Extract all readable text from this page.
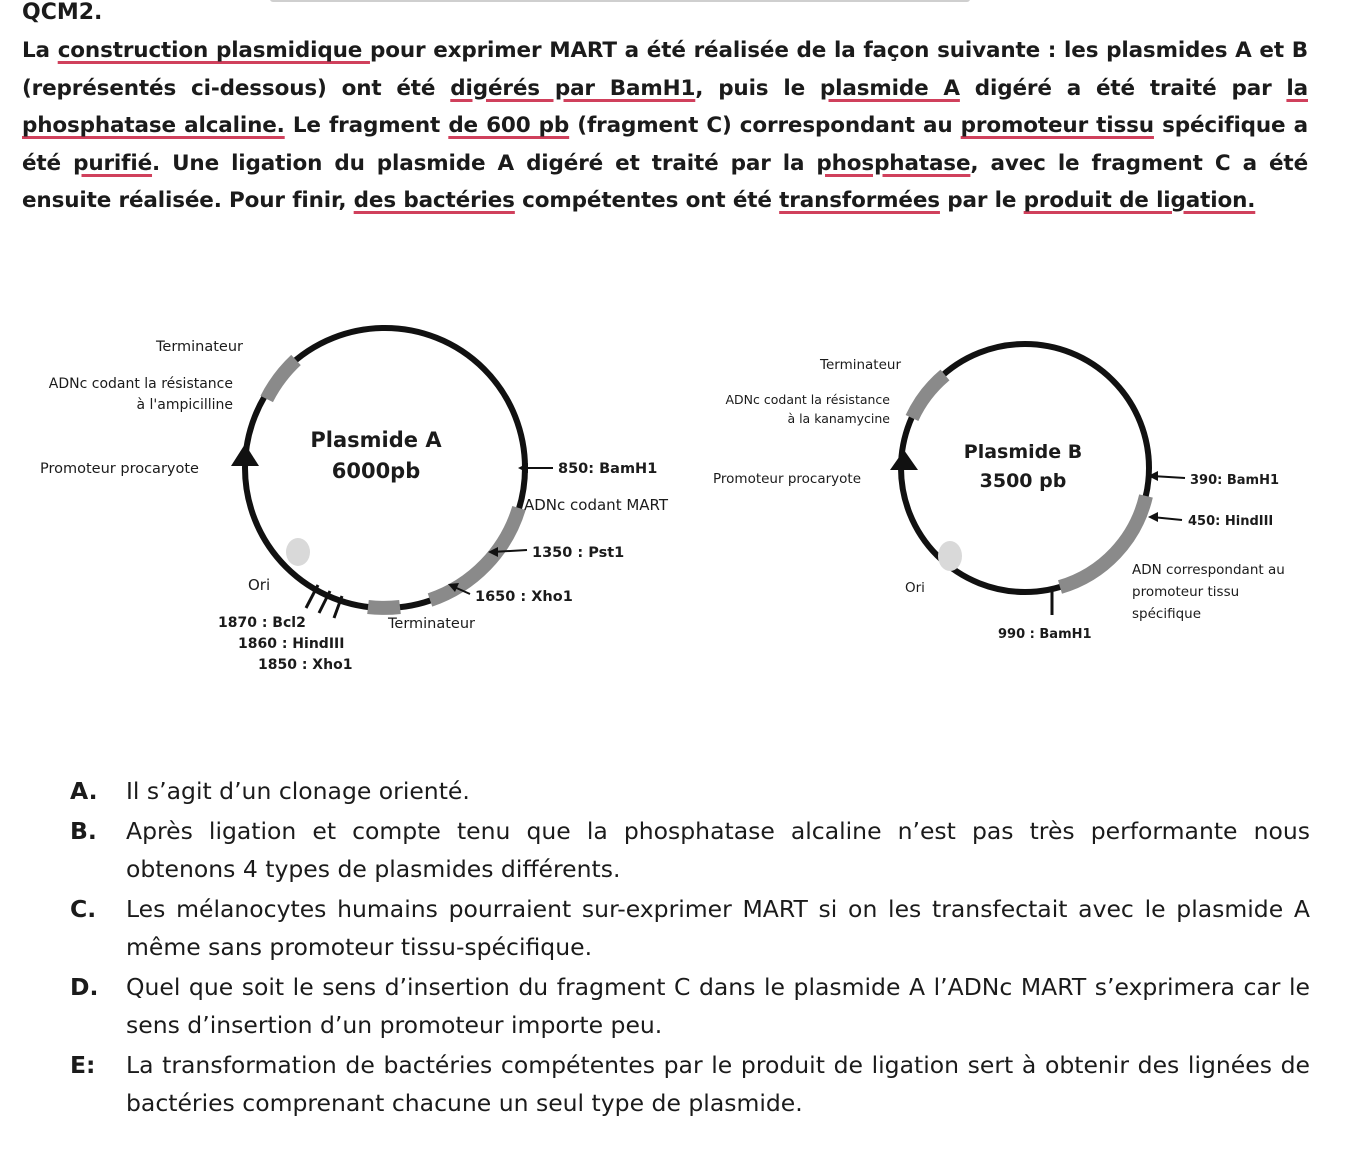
QCM2.
La construction plasmidique pour exprimer MART a été réalisée de la façon suivante : les plasmides A et B (représentés ci-dessous) ont été digérés par BamH1, puis le plasmide A digéré a été traité par la phosphatase alcaline. Le fragment de 600 pb (fragment C) correspondant au promoteur tissu spécifique a été purifié. Une ligation du plasmide A digéré et traité par la phosphatase, avec le fragment C a été ensuite réalisée. Pour finir, des bactéries compétentes ont été transformées par le produit de ligation.
Plasmide A
6000pb
Terminateur
ADNc codant la résistance
à l'ampicilline
Promoteur procaryote	850: BamH1
ADNc codant MART
1350 : Pst1
1650 : Xho1
Terminateur
Ori
1870 : Bcl2
1860 : HindIII
1850 : Xho1
Plasmide B
3500 pb
Terminateur
ADNc codant la résistance
à la kanamycine
Promoteur procaryote	390: BamH1
450: HindIII
ADN correspondant au
promoteur tissu
spécifique
Ori
990 : BamH1
A. Il s’agit d’un clonage orienté.
B. Après ligation et compte tenu que la phosphatase alcaline n’est pas très performante nous obtenons 4 types de plasmides différents.
C. Les mélanocytes humains pourraient sur-exprimer MART si on les transfectait avec le plasmide A même sans promoteur tissu-spécifique.
D. Quel que soit le sens d’insertion du fragment C dans le plasmide A l’ADNc MART s’exprimera car le sens d’insertion d’un promoteur importe peu.
E: La transformation de bactéries compétentes par le produit de ligation sert à obtenir des lignées de bactéries comprenant chacune un seul type de plasmide.
